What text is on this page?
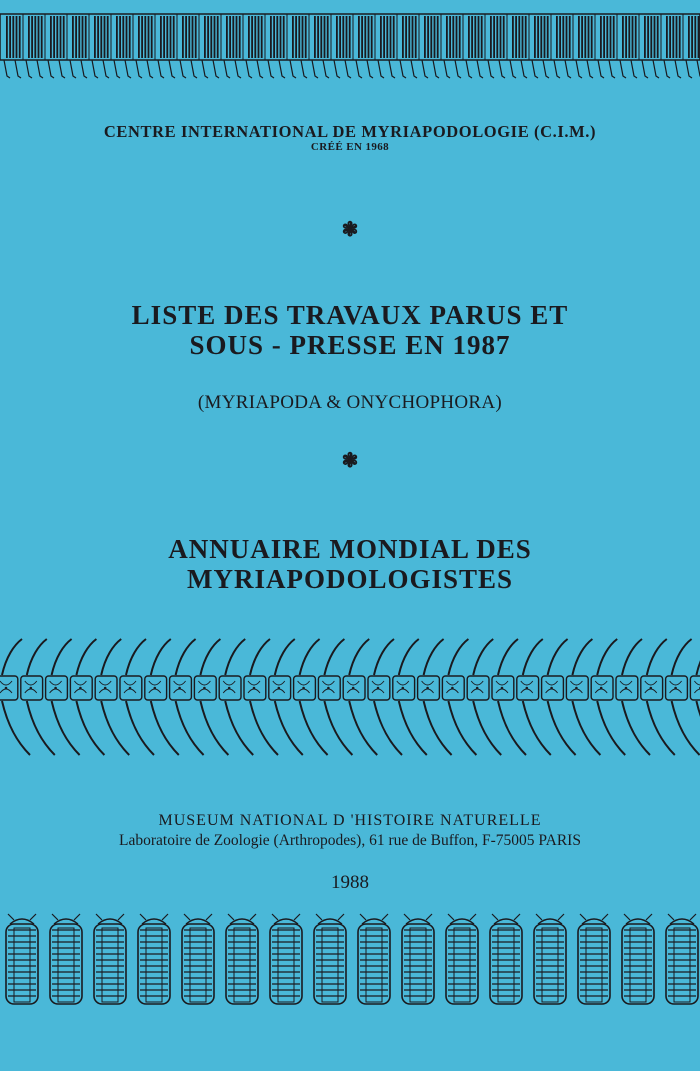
CENTRE INTERNATIONAL DE MYRIAPODOLOGIE (C.I.M.)
CRÉÉ EN 1968
❃
LISTE DES TRAVAUX PARUS ET
SOUS - PRESSE EN 1987
(MYRIAPODA & ONYCHOPHORA)
❃
ANNUAIRE MONDIAL DES
MYRIAPODOLOGISTES
MUSEUM NATIONAL D 'HISTOIRE NATURELLE
Laboratoire de Zoologie (Arthropodes), 61 rue de Buffon, F-75005 PARIS
1988
